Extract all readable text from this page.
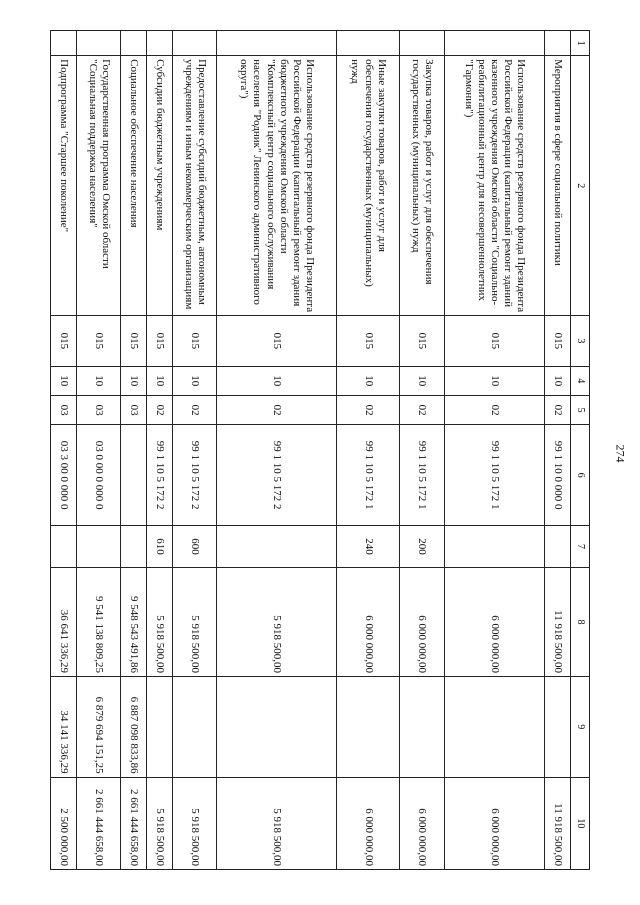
274
1	2	3	4	5	6	7	8	9	10
	Мероприятия в сфере социальной политики	015	10	02	99 1 10 0 000 0		11 918 500,00		11 918 500,00
	Использование средств резервного фонда Президента Российской Федерации (капитальный ремонт зданий казенного учреждения Омской области "Социально-реабилитационный центр для несовершеннолетних "Гармония")	015	10	02	99 1 10 5 172 1		6 000 000,00		6 000 000,00
	Закупка товаров, работ и услуг для обеспечения государственных (муниципальных) нужд	015	10	02	99 1 10 5 172 1	200	6 000 000,00		6 000 000,00
	Иные закупки товаров, работ и услуг для обеспечения государственных (муниципальных) нужд	015	10	02	99 1 10 5 172 1	240	6 000 000,00		6 000 000,00
	Использование средств резервного фонда Президента Российской Федерации (капитальный ремонт здания бюджетного учреждения Омской области "Комплексный центр социального обслуживания населения "Родник" Ленинского административного округа")	015	10	02	99 1 10 5 172 2		5 918 500,00		5 918 500,00
	Предоставление субсидий бюджетным, автономным учреждениям и иным некоммерческим организациям	015	10	02	99 1 10 5 172 2	600	5 918 500,00		5 918 500,00
	Субсидии бюджетным учреждениям	015	10	02	99 1 10 5 172 2	610	5 918 500,00		5 918 500,00
	Социальное обеспечение населения	015	10	03			9 548 543 491,86	6 887 098 833,86	2 661 444 658,00
	Государственная программа Омской области "Социальная поддержка населения"	015	10	03	03 0 00 0 000 0		9 541 138 809,25	6 879 694 151,25	2 661 444 658,00
	Подпрограмма "Старшее поколение"	015	10	03	03 3 00 0 000 0		36 641 336,29	34 141 336,29	2 500 000,00
